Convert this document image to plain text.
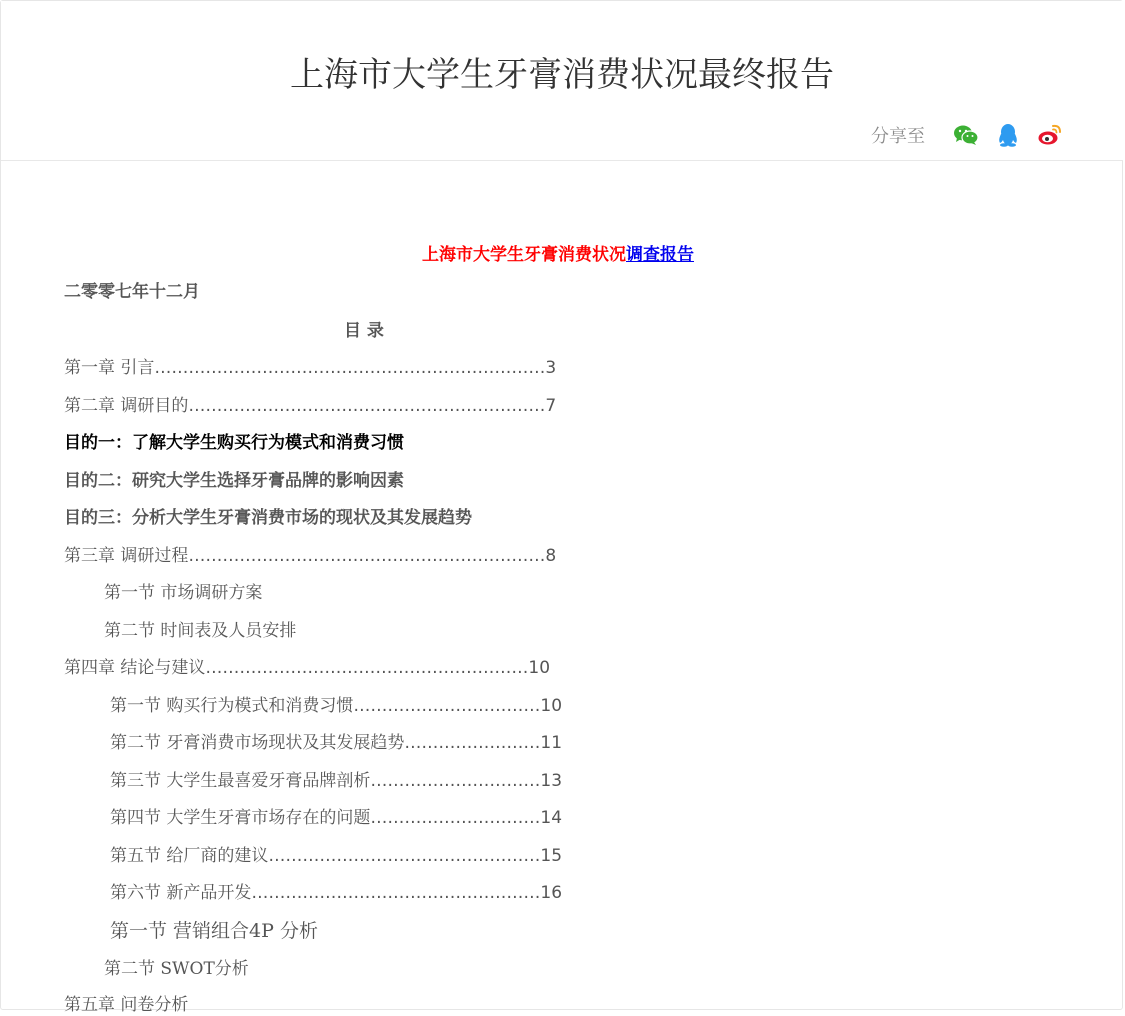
上海市大学生牙膏消费状况最终报告
分享至
上海市大学生牙膏消费状况调查报告
二零零七年十二月
目 录
第一章 引言……………………………………………………………3
第二章 调研目的………………………………………………………7
目的一：了解大学生购买行为模式和消费习惯
目的二：研究大学生选择牙膏品牌的影响因素
目的三：分析大学生牙膏消费市场的现状及其发展趋势
第三章 调研过程………………………………………………………8
第一节 市场调研方案
第二节 时间表及人员安排
第四章 结论与建议…………………………………………………10
第一节 购买行为模式和消费习惯……………………………10
第二节 牙膏消费市场现状及其发展趋势……………………11
第三节 大学生最喜爱牙膏品牌剖析…………………………13
第四节 大学生牙膏市场存在的问题…………………………14
第五节 给厂商的建议…………………………………………15
第六节 新产品开发……………………………………………16
第一节 营销组合4P 分析
第二节 SWOT分析
第五章 问卷分析
